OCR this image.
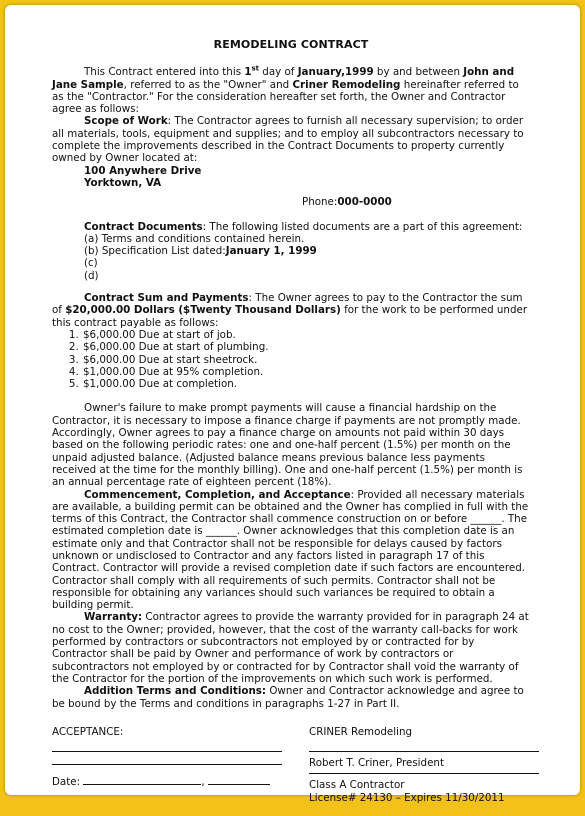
REMODELING CONTRACT

This Contract entered into this 1st day of January,1999 by and between John and Jane Sample, referred to as the "Owner" and Criner Remodeling hereinafter referred to as the "Contractor." For the consideration hereafter set forth, the Owner and Contractor agree as follows:

Scope of Work: The Contractor agrees to furnish all necessary supervision; to order all materials, tools, equipment and supplies; and to employ all subcontractors necessary to complete the improvements described in the Contract Documents to property currently owned by Owner located at:

100 Anywhere Drive

Yorktown, VA

Phone:000-0000

Contract Documents: The following listed documents are a part of this agreement:

(a) Terms and conditions contained herein.

(b) Specification List dated:January 1, 1999

(c)

(d)

Contract Sum and Payments: The Owner agrees to pay to the Contractor the sum of $20,000.00 Dollars ($Twenty Thousand Dollars) for the work to be performed under this contract payable as follows:

1. $6,000.00 Due at start of job.
2. $6,000.00 Due at start of plumbing.
3. $6,000.00 Due at start sheetrock.
4. $1,000.00 Due at 95% completion.
5. $1,000.00 Due at completion.

Owner's failure to make prompt payments will cause a financial hardship on the Contractor, it is necessary to impose a finance charge if payments are not promptly made. Accordingly, Owner agrees to pay a finance charge on amounts not paid within 30 days based on the following periodic rates: one and one-half percent (1.5%) per month on the unpaid adjusted balance. (Adjusted balance means previous balance less payments received at the time for the monthly billing). One and one-half percent (1.5%) per month is an annual percentage rate of eighteen percent (18%).

Commencement, Completion, and Acceptance: Provided all necessary materials are available, a building permit can be obtained and the Owner has complied in full with the terms of this Contract, the Contractor shall commence construction on or before ______. The estimated completion date is ______. Owner acknowledges that this completion date is an estimate only and that Contractor shall not be responsible for delays caused by factors unknown or undisclosed to Contractor and any factors listed in paragraph 17 of this Contract. Contractor will provide a revised completion date if such factors are encountered. Contractor shall comply with all requirements of such permits. Contractor shall not be responsible for obtaining any variances should such variances be required to obtain a building permit.

Warranty: Contractor agrees to provide the warranty provided for in paragraph 24 at no cost to the Owner; provided, however, that the cost of the warranty call-backs for work performed by contractors or subcontractors not employed by or contracted for by Contractor shall be paid by Owner and performance of work by contractors or subcontractors not employed by or contracted for by Contractor shall void the warranty of the Contractor for the portion of the improvements on which such work is performed.

Addition Terms and Conditions: Owner and Contractor acknowledge and agree to be bound by the Terms and conditions in paragraphs 1-27 in Part II.

ACCEPTANCE:
Date:	,
CRINER Remodeling
Robert T. Criner, President
Class A Contractor
License# 24130 – Expires 11/30/2011
